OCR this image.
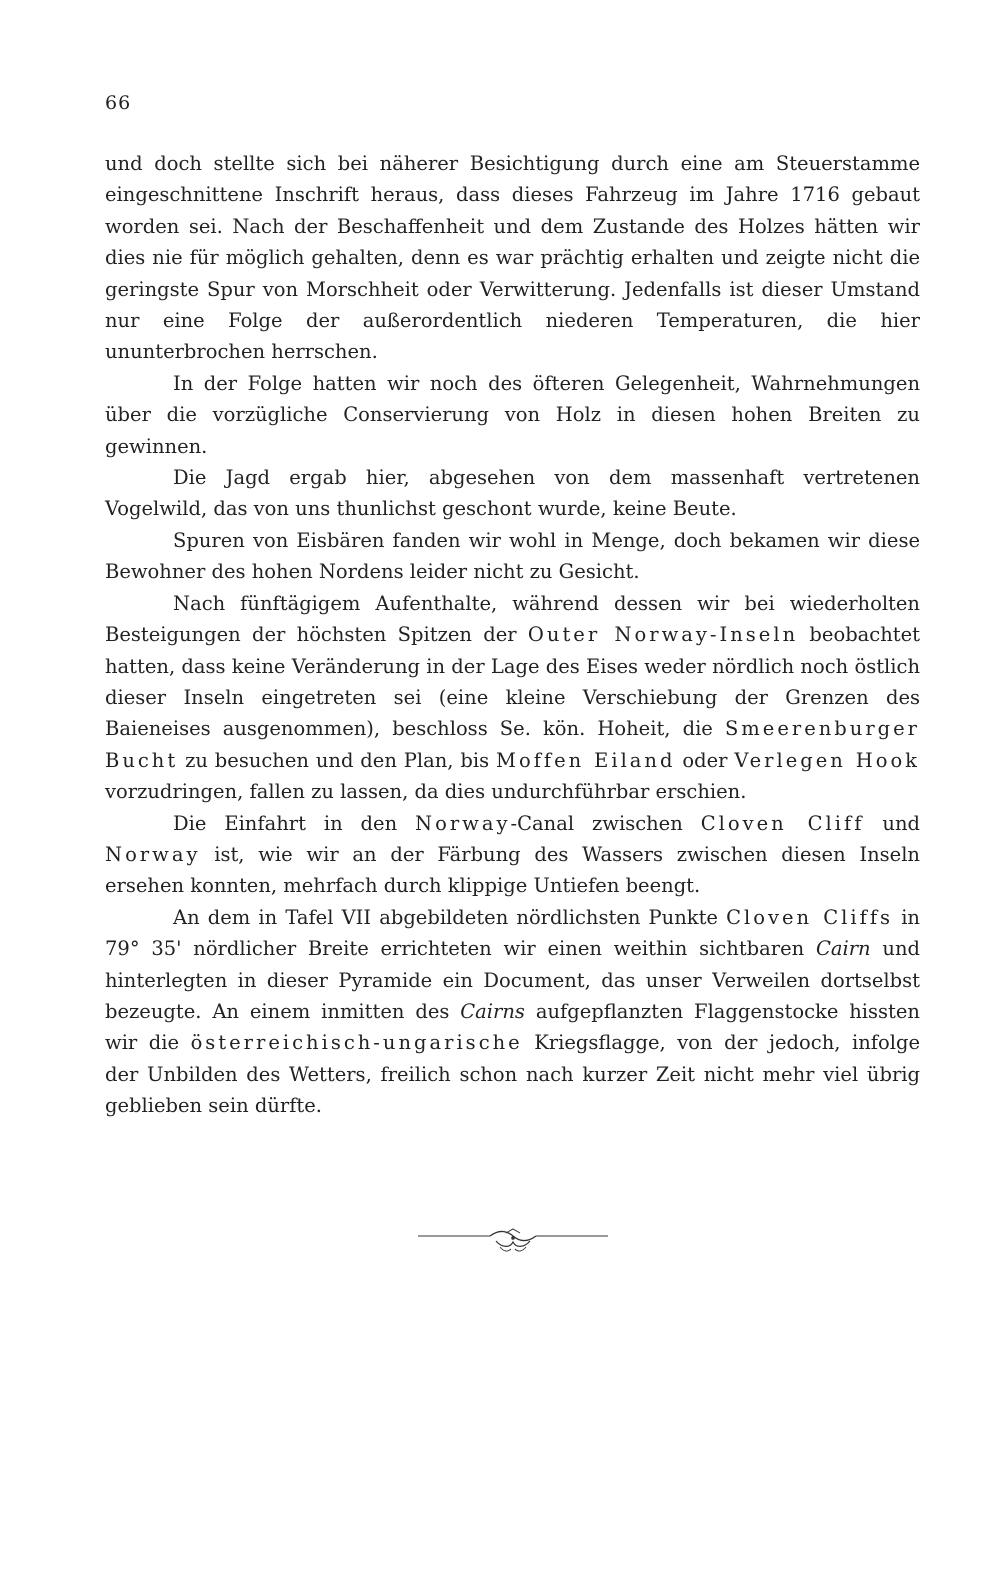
66

und doch stellte sich bei näherer Besichtigung durch eine am Steuerstamme eingeschnittene Inschrift heraus, dass dieses Fahrzeug im Jahre 1716 gebaut worden sei. Nach der Beschaffenheit und dem Zustande des Holzes hätten wir dies nie für möglich gehalten, denn es war prächtig erhalten und zeigte nicht die geringste Spur von Morschheit oder Verwitterung. Jedenfalls ist dieser Umstand nur eine Folge der außerordentlich niederen Temperaturen, die hier ununterbrochen herrschen.

In der Folge hatten wir noch des öfteren Gelegenheit, Wahrnehmungen über die vorzügliche Conservierung von Holz in diesen hohen Breiten zu gewinnen.

Die Jagd ergab hier, abgesehen von dem massenhaft vertretenen Vogelwild, das von uns thunlichst geschont wurde, keine Beute.

Spuren von Eisbären fanden wir wohl in Menge, doch bekamen wir diese Bewohner des hohen Nordens leider nicht zu Gesicht.

Nach fünftägigem Aufenthalte, während dessen wir bei wiederholten Besteigungen der höchsten Spitzen der Outer Norway-Inseln beobachtet hatten, dass keine Veränderung in der Lage des Eises weder nördlich noch östlich dieser Inseln eingetreten sei (eine kleine Verschiebung der Grenzen des Baieneises ausgenommen), beschloss Se. kön. Hoheit, die Smeerenburger Bucht zu besuchen und den Plan, bis Moffen Eiland oder Verlegen Hook vorzudringen, fallen zu lassen, da dies undurchführbar erschien.

Die Einfahrt in den Norway-Canal zwischen Cloven Cliff und Norway ist, wie wir an der Färbung des Wassers zwischen diesen Inseln ersehen konnten, mehrfach durch klippige Untiefen beengt.

An dem in Tafel VII abgebildeten nördlichsten Punkte Cloven Cliffs in 79° 35' nördlicher Breite errichteten wir einen weithin sichtbaren Cairn und hinterlegten in dieser Pyramide ein Document, das unser Verweilen dortselbst bezeugte. An einem inmitten des Cairns aufgepflanzten Flaggenstocke hissten wir die österreichisch-ungarische Kriegsflagge, von der jedoch, infolge der Unbilden des Wetters, freilich schon nach kurzer Zeit nicht mehr viel übrig geblieben sein dürfte.
